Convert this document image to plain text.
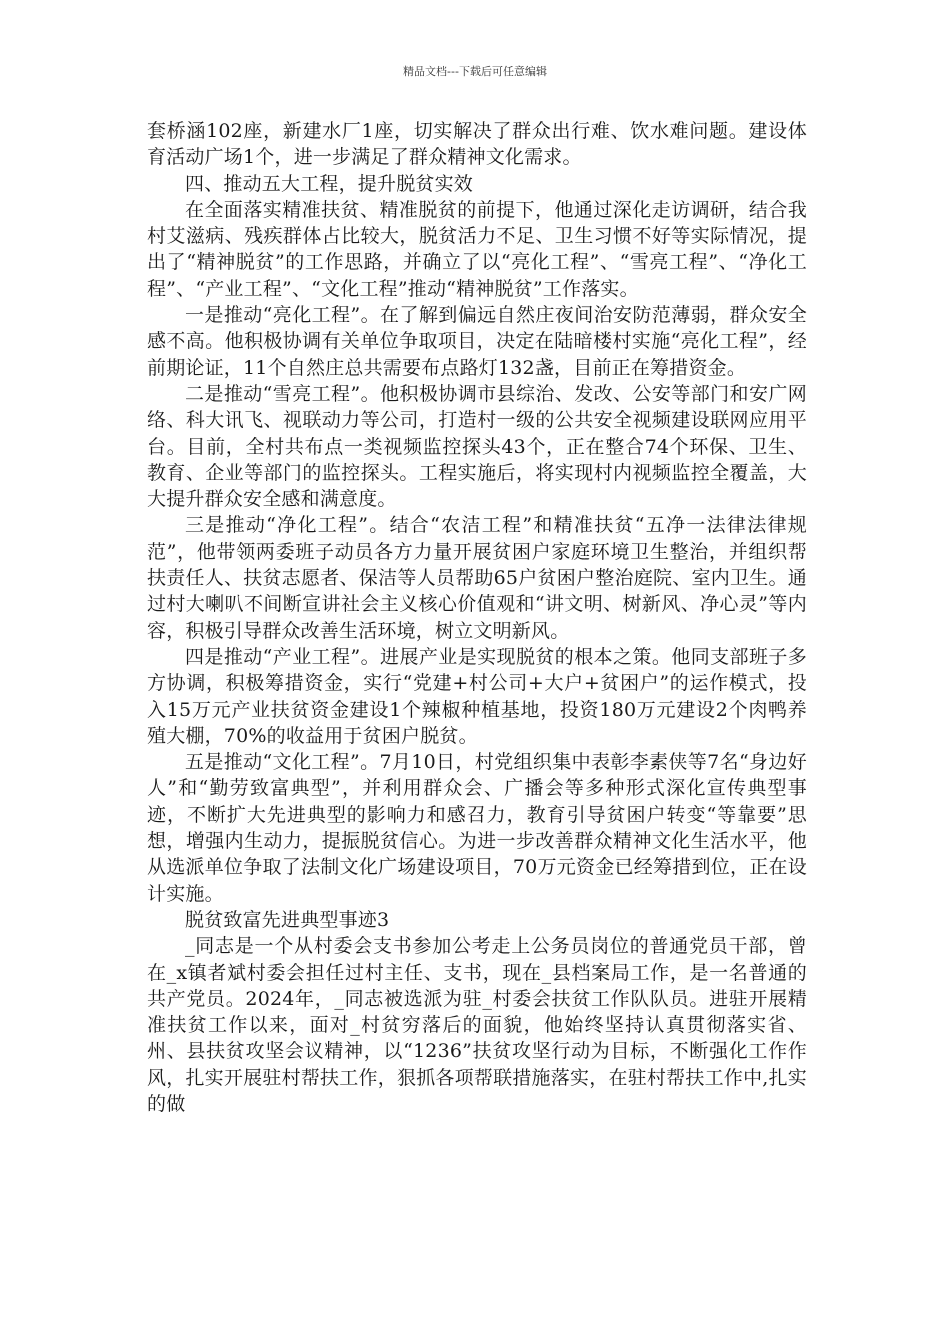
精品文档---下载后可任意编辑

套桥涵102座，新建水厂1座，切实解决了群众出行难、饮水难问题。建设体育活动广场1个，进一步满足了群众精神文化需求。

四、推动五大工程，提升脱贫实效

在全面落实精准扶贫、精准脱贫的前提下，他通过深化走访调研，结合我村艾滋病、残疾群体占比较大，脱贫活力不足、卫生习惯不好等实际情况，提出了“精神脱贫”的工作思路，并确立了以“亮化工程”、“雪亮工程”、“净化工程”、“产业工程”、“文化工程”推动“精神脱贫”工作落实。

一是推动“亮化工程”。在了解到偏远自然庄夜间治安防范薄弱，群众安全感不高。他积极协调有关单位争取项目，决定在陆暗楼村实施“亮化工程”，经前期论证，11个自然庄总共需要布点路灯132盏，目前正在筹措资金。

二是推动“雪亮工程”。他积极协调市县综治、发改、公安等部门和安广网络、科大讯飞、视联动力等公司，打造村一级的公共安全视频建设联网应用平台。目前，全村共布点一类视频监控探头43个，正在整合74个环保、卫生、教育、企业等部门的监控探头。工程实施后，将实现村内视频监控全覆盖，大大提升群众安全感和满意度。

三是推动“净化工程”。结合“农洁工程”和精准扶贫“五净一法律法律规范”，他带领两委班子动员各方力量开展贫困户家庭环境卫生整治，并组织帮扶责任人、扶贫志愿者、保洁等人员帮助65户贫困户整治庭院、室内卫生。通过村大喇叭不间断宣讲社会主义核心价值观和“讲文明、树新风、净心灵”等内容，积极引导群众改善生活环境，树立文明新风。

四是推动“产业工程”。进展产业是实现脱贫的根本之策。他同支部班子多方协调，积极筹措资金，实行“党建+村公司+大户+贫困户”的运作模式，投入15万元产业扶贫资金建设1个辣椒种植基地，投资180万元建设2个肉鸭养殖大棚，70%的收益用于贫困户脱贫。

五是推动“文化工程”。7月10日，村党组织集中表彰李素侠等7名“身边好人”和“勤劳致富典型”，并利用群众会、广播会等多种形式深化宣传典型事迹，不断扩大先进典型的影响力和感召力，教育引导贫困户转变“等靠要”思想，增强内生动力，提振脱贫信心。为进一步改善群众精神文化生活水平，他从选派单位争取了法制文化广场建设项目，70万元资金已经筹措到位，正在设计实施。

脱贫致富先进典型事迹3

_同志是一个从村委会支书参加公考走上公务员岗位的普通党员干部，曾在_x镇者斌村委会担任过村主任、支书，现在_县档案局工作，是一名普通的共产党员。2024年，_同志被选派为驻_村委会扶贫工作队队员。进驻开展精准扶贫工作以来，面对_村贫穷落后的面貌，他始终坚持认真贯彻落实省、州、县扶贫攻坚会议精神，以“1236”扶贫攻坚行动为目标，不断强化工作作风，扎实开展驻村帮扶工作，狠抓各项帮联措施落实，在驻村帮扶工作中,扎实的做
